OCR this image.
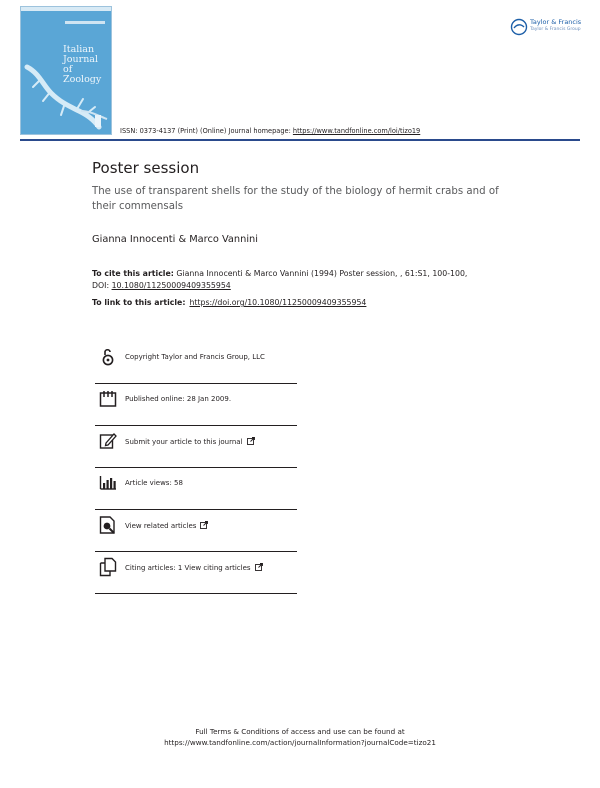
Italian
Journal of
Zoology
Taylor & Francis
Taylor & Francis Group
ISSN: 0373-4137 (Print) (Online) Journal homepage: https://www.tandfonline.com/loi/tizo19
Poster session
The use of transparent shells for the study of the biology of hermit crabs and of their commensals
Gianna Innocenti & Marco Vannini
To cite this article: Gianna Innocenti & Marco Vannini (1994) Poster session, , 61:S1, 100-100,
DOI: 10.1080/11250009409355954
To link to this article: https://doi.org/10.1080/11250009409355954
Copyright Taylor and Francis Group, LLC
Published online: 28 Jan 2009.
Submit your article to this journal
Article views: 58
View related articles
Citing articles: 1 View citing articles
Full Terms & Conditions of access and use can be found at
https://www.tandfonline.com/action/journalInformation?journalCode=tizo21
